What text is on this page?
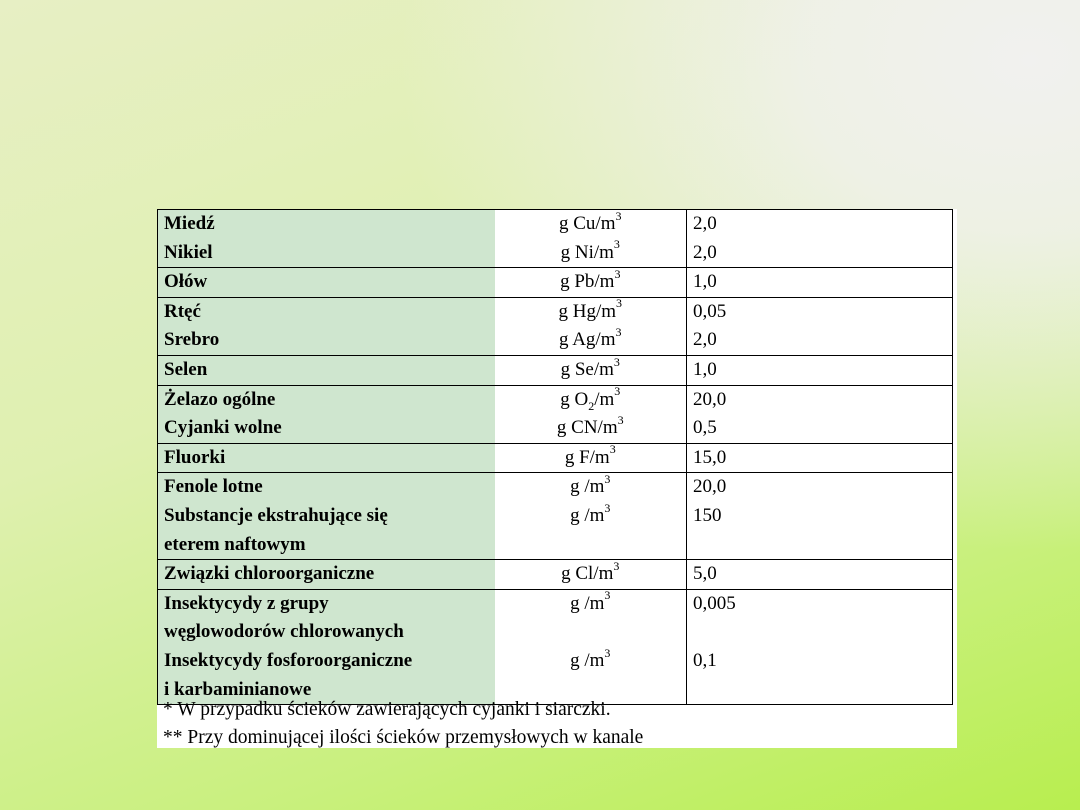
Miedź	g $Cu/m^3$	2,0
Nikiel	g $Ni/m^3$	2,0
Ołów	g $Pb/m^3$	1,0
Rtęć	g $Hg/m^3$	0,05
Srebro	g $Ag/m^3$	2,0
Selen	g $Se/m^3$	1,0
Żelazo ogólne	g $O_2/m^3$	20,0
Cyjanki wolne	g $CN/m^3$	0,5
Fluorki	g $F/m^3$	15,0
Fenole lotne	g $/m^3$	20,0
Substancje ekstrahujące się	g $/m^3$	150
eterem naftowym		
Związki chloroorganiczne	g $Cl/m^3$	5,0
Insektycydy z grupy	g $/m^3$	0,005
węglowodorów chlorowanych		
Insektycydy fosforoorganiczne	g $/m^3$	0,1
i karbaminianowe		
* W przypadku ścieków zawierających cyjanki i siarczki.
** Przy dominującej ilości ścieków przemysłowych w kanale
